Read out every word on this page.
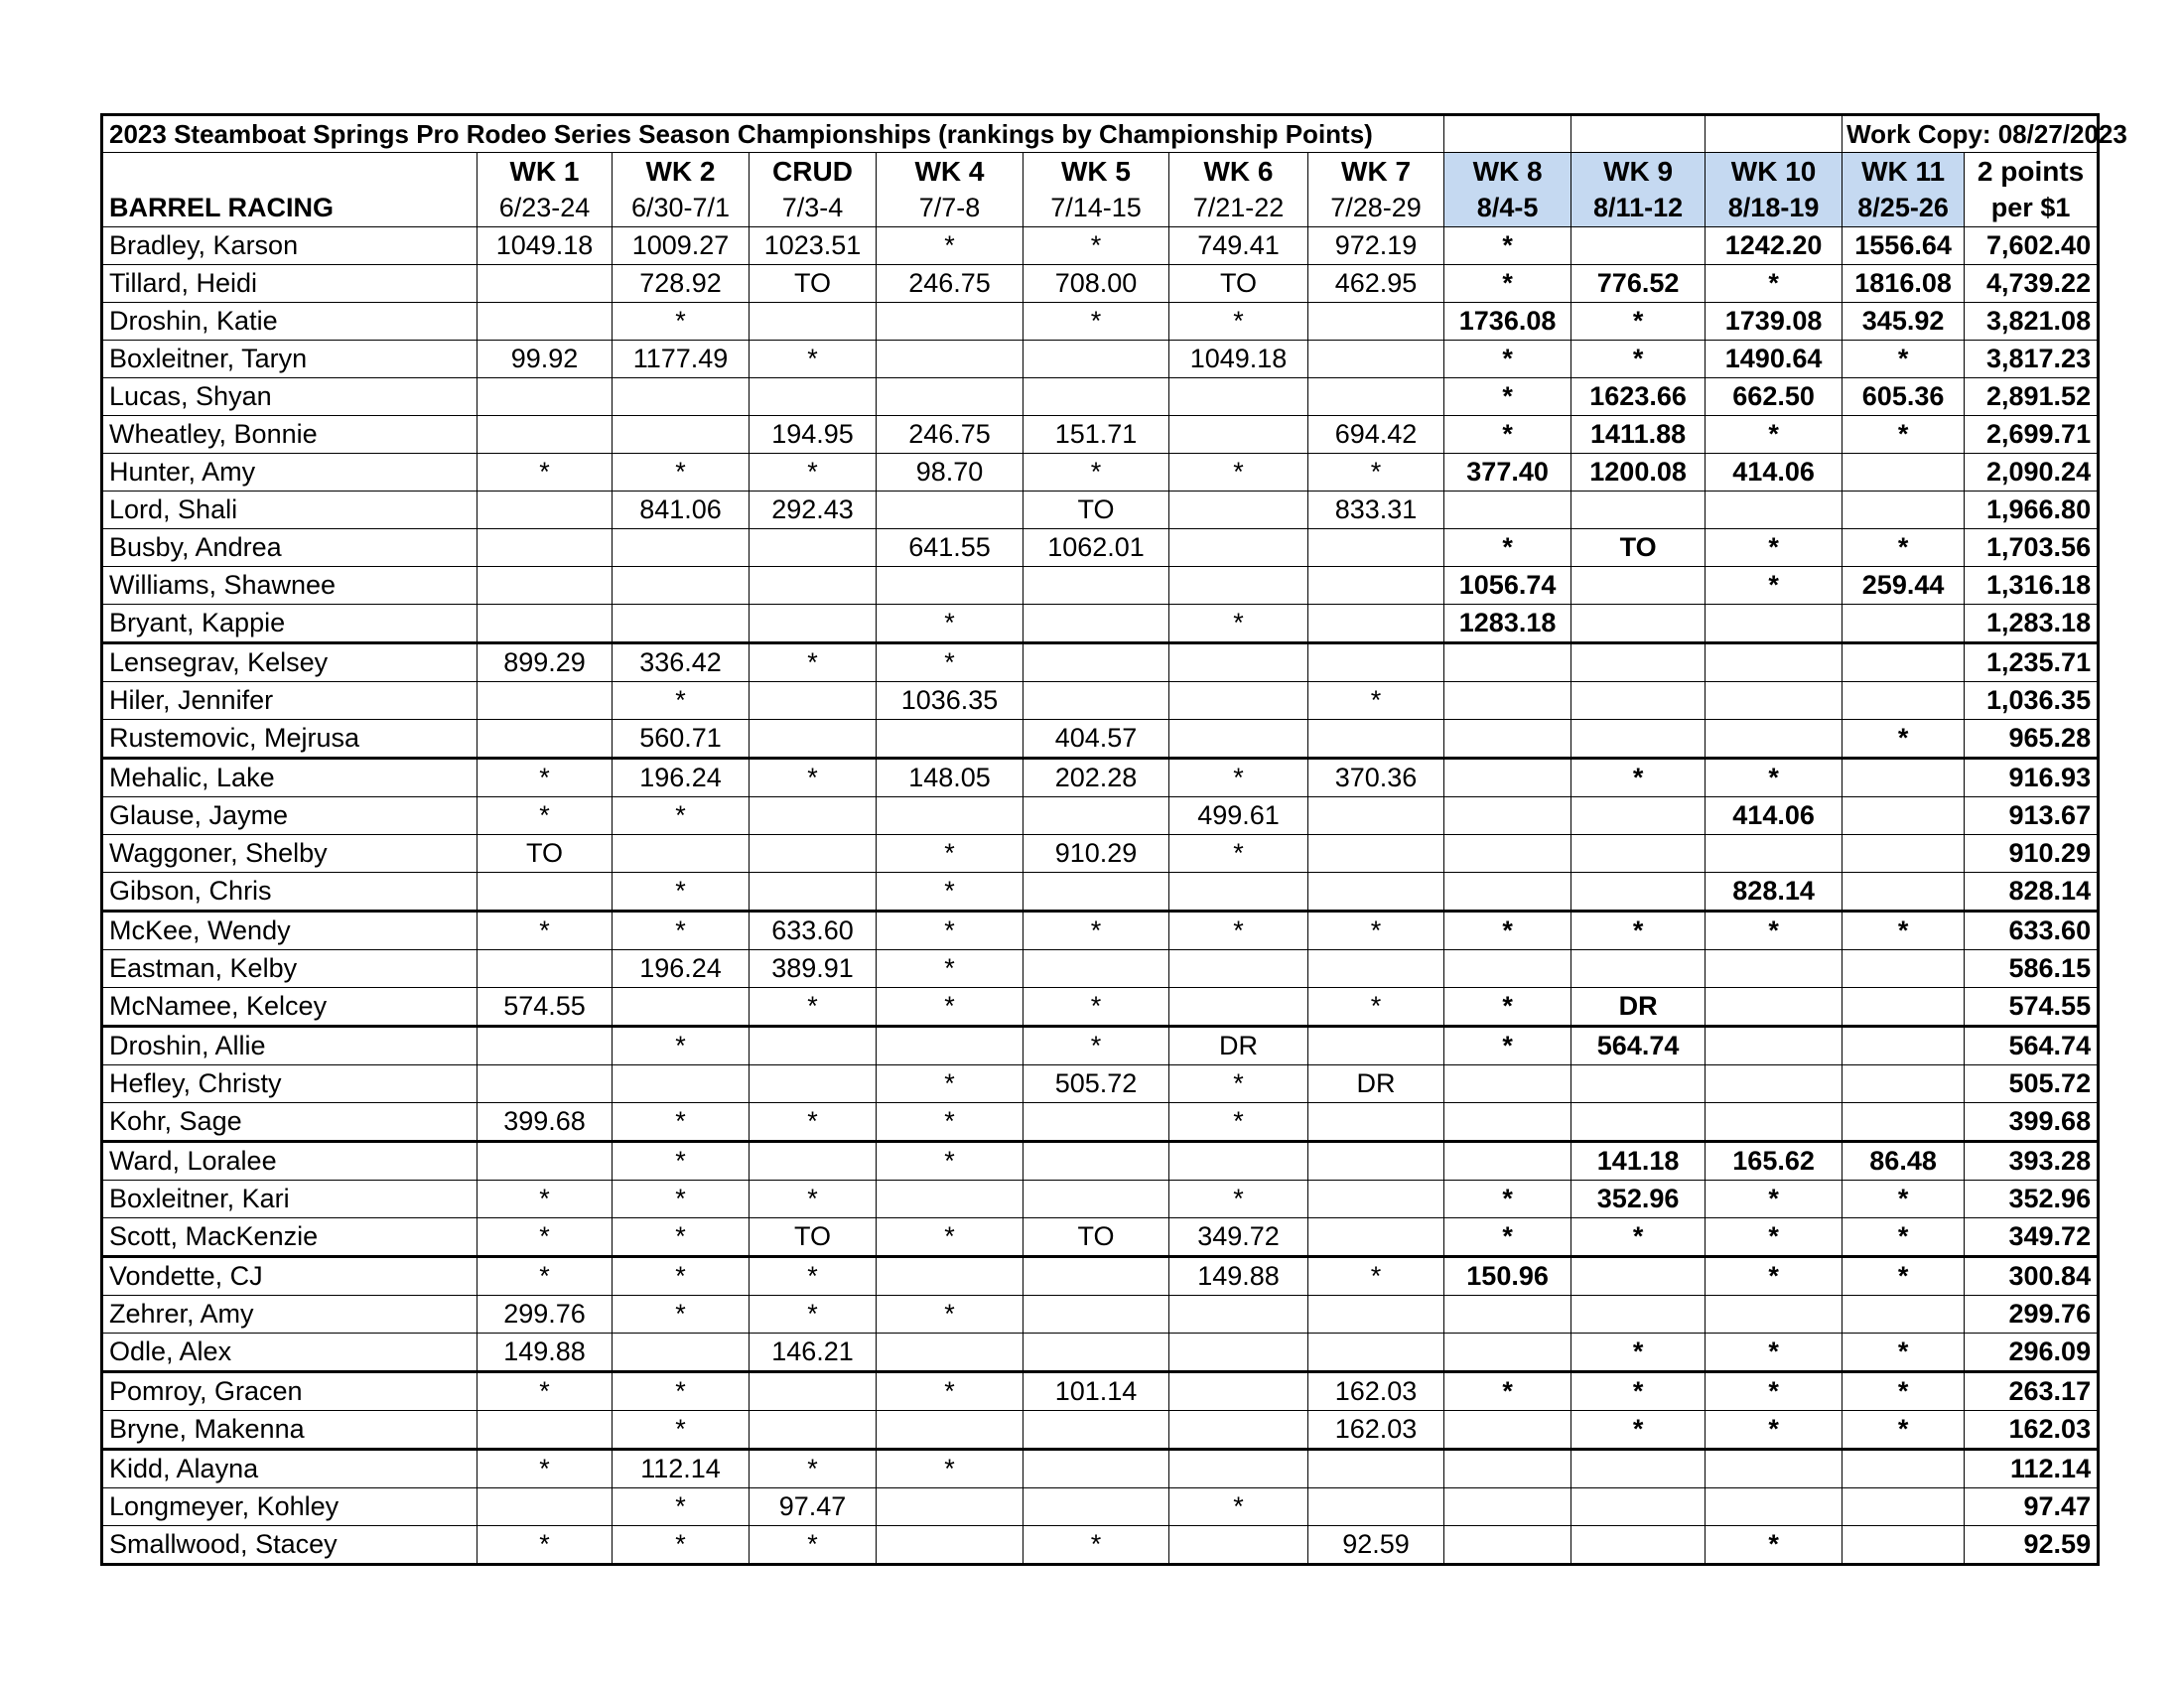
2023 Steamboat Springs Pro Rodeo Series Season Championships (rankings by Championship Points)											Work Copy: 08/27/2023	
	WK 1	WK 2	CRUD	WK 4	WK 5	WK 6	WK 7	WK 8	WK 9	WK 10	WK 11	2 points
BARREL RACING	6/23-24	6/30-7/1	7/3-4	7/7-8	7/14-15	7/21-22	7/28-29	8/4-5	8/11-12	8/18-19	8/25-26	per $1
Bradley, Karson	1049.18	1009.27	1023.51	*	*	749.41	972.19	*		1242.20	1556.64	7,602.40
Tillard, Heidi		728.92	TO	246.75	708.00	TO	462.95	*	776.52	*	1816.08	4,739.22
Droshin, Katie		*			*	*		1736.08	*	1739.08	345.92	3,821.08
Boxleitner, Taryn	99.92	1177.49	*			1049.18		*	*	1490.64	*	3,817.23
Lucas, Shyan								*	1623.66	662.50	605.36	2,891.52
Wheatley, Bonnie			194.95	246.75	151.71		694.42	*	1411.88	*	*	2,699.71
Hunter, Amy	*	*	*	98.70	*	*	*	377.40	1200.08	414.06		2,090.24
Lord, Shali		841.06	292.43		TO		833.31					1,966.80
Busby, Andrea				641.55	1062.01			*	TO	*	*	1,703.56
Williams, Shawnee								1056.74		*	259.44	1,316.18
Bryant, Kappie				*		*		1283.18				1,283.18
Lensegrav, Kelsey	899.29	336.42	*	*								1,235.71
Hiler, Jennifer		*		1036.35			*					1,036.35
Rustemovic, Mejrusa		560.71			404.57						*	965.28
Mehalic, Lake	*	196.24	*	148.05	202.28	*	370.36		*	*		916.93
Glause, Jayme	*	*				499.61				414.06		913.67
Waggoner, Shelby	TO			*	910.29	*						910.29
Gibson, Chris		*		*						828.14		828.14
McKee, Wendy	*	*	633.60	*	*	*	*	*	*	*	*	633.60
Eastman, Kelby		196.24	389.91	*								586.15
McNamee, Kelcey	574.55		*	*	*		*	*	DR			574.55
Droshin, Allie		*			*	DR		*	564.74			564.74
Hefley, Christy				*	505.72	*	DR					505.72
Kohr, Sage	399.68	*	*	*		*						399.68
Ward, Loralee		*		*					141.18	165.62	86.48	393.28
Boxleitner, Kari	*	*	*			*		*	352.96	*	*	352.96
Scott, MacKenzie	*	*	TO	*	TO	349.72		*	*	*	*	349.72
Vondette, CJ	*	*	*			149.88	*	150.96		*	*	300.84
Zehrer, Amy	299.76	*	*	*								299.76
Odle, Alex	149.88		146.21						*	*	*	296.09
Pomroy, Gracen	*	*		*	101.14		162.03	*	*	*	*	263.17
Bryne, Makenna		*					162.03		*	*	*	162.03
Kidd, Alayna	*	112.14	*	*								112.14
Longmeyer, Kohley		*	97.47			*						97.47
Smallwood, Stacey	*	*	*		*		92.59			*		92.59
